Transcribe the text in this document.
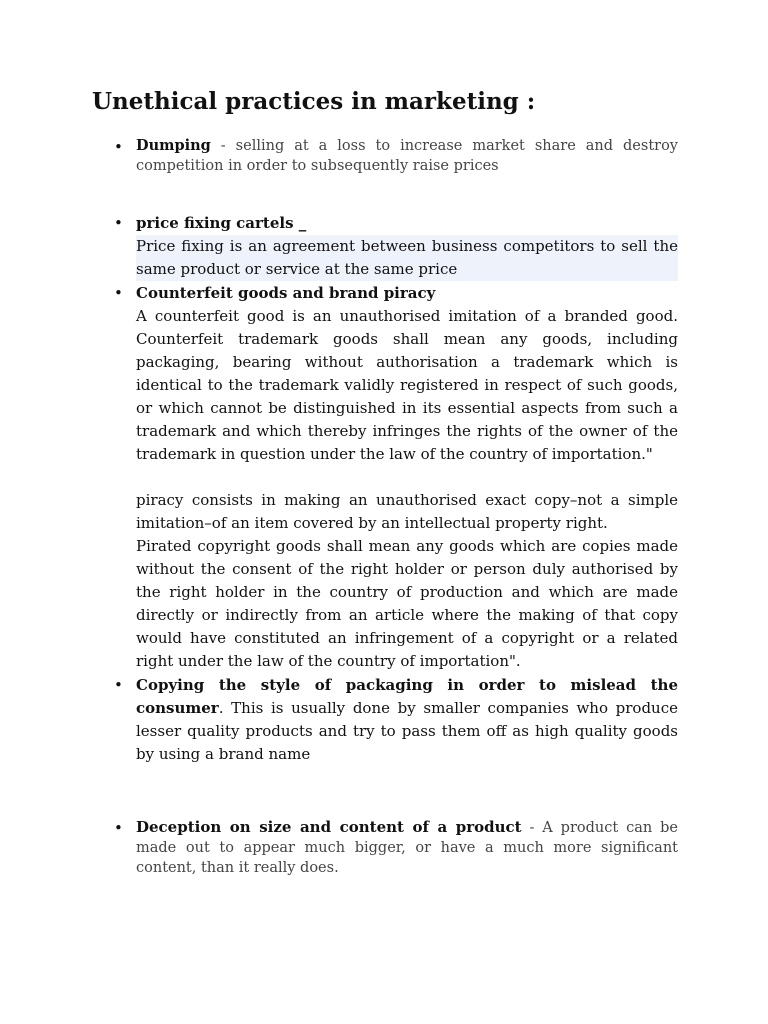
Unethical practices in marketing :
• Dumping - selling at a loss to increase market share and destroy competition in order to subsequently raise prices
• price fixing cartels _
Price fixing is an agreement between business competitors to sell the same product or service at the same price
• Counterfeit goods and brand piracy
A counterfeit good is an unauthorised imitation of a branded good. Counterfeit trademark goods shall mean any goods, including packaging, bearing without authorisation a trademark which is identical to the trademark validly registered in respect of such goods, or which cannot be distinguished in its essential aspects from such a trademark and which thereby infringes the rights of the owner of the trademark in question under the law of the country of importation."
piracy consists in making an unauthorised exact copy–not a simple imitation–of an item covered by an intellectual property right.
Pirated copyright goods shall mean any goods which are copies made without the consent of the right holder or person duly authorised by the right holder in the country of production and which are made directly or indirectly from an article where the making of that copy would have constituted an infringement of a copyright or a related right under the law of the country of importation".
• Copying the style of packaging in order to mislead the consumer. This is usually done by smaller companies who produce lesser quality products and try to pass them off as high quality goods by using a brand name
• Deception on size and content of a product - A product can be made out to appear much bigger, or have a much more significant content, than it really does.
